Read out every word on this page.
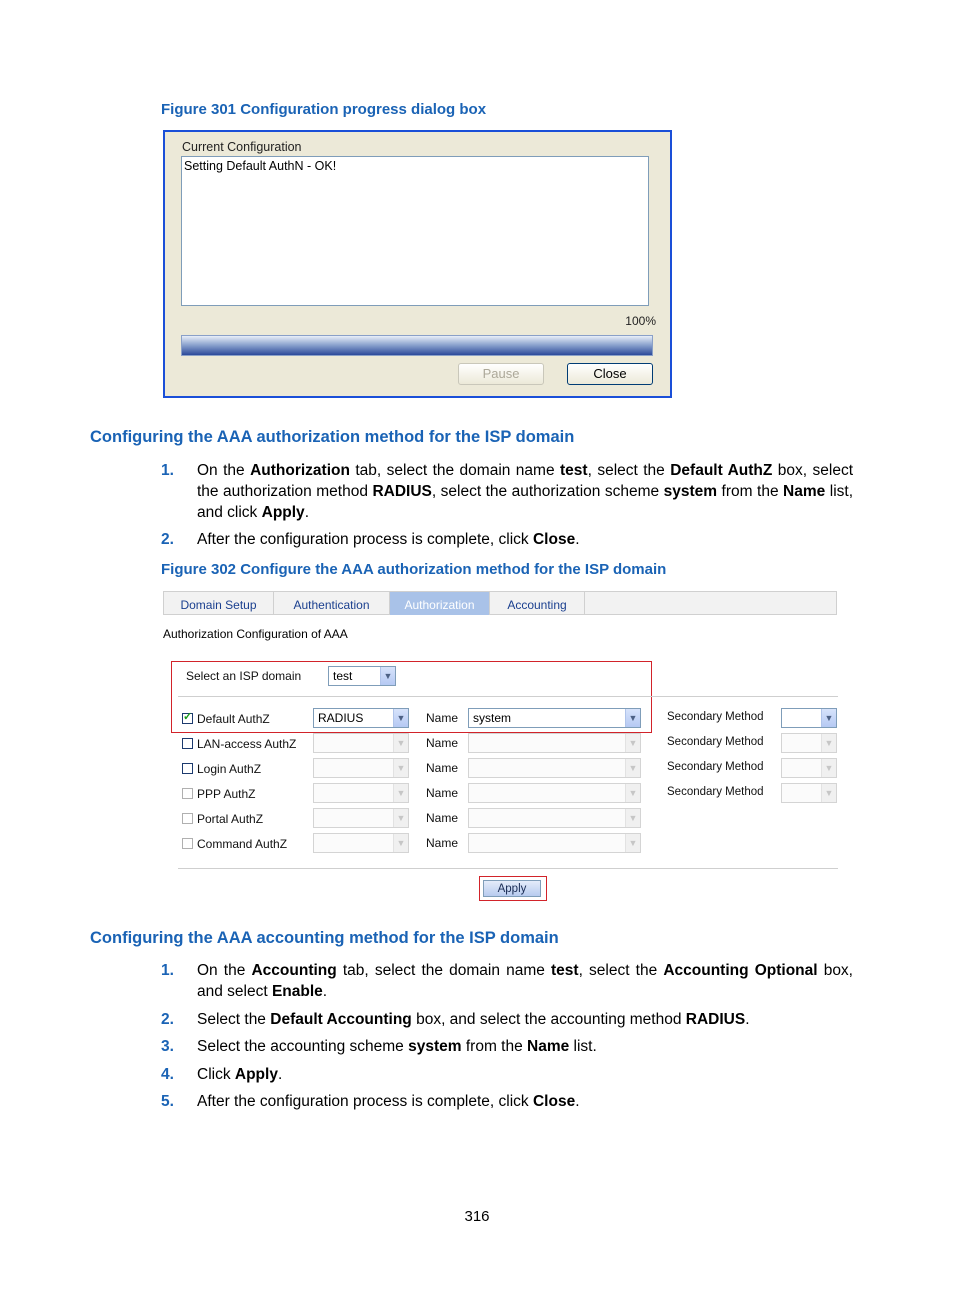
Figure 301 Configuration progress dialog box
Current Configuration
Setting Default AuthN - OK!
100%
Pause	Close
Configuring the AAA authorization method for the ISP domain
1. On the Authorization tab, select the domain name test, select the Default AuthZ box, select the authorization method RADIUS, select the authorization scheme system from the Name list, and click Apply.
2. After the configuration process is complete, click Close.
Figure 302 Configure the AAA authorization method for the ISP domain
Domain Setup	Authentication	Authorization	Accounting
Authorization Configuration of AAA
Select an ISP domain	test	▼
✓
Default AuthZ	RADIUS	▼ Name	system	▼	Secondary Method	▼
LAN-access AuthZ	▼ Name	▼	Secondary Method	▼
Login AuthZ	▼ Name	▼	Secondary Method	▼
PPP AuthZ	▼ Name	▼	Secondary Method	▼
Portal AuthZ	▼ Name	▼
Command AuthZ	▼ Name	▼
Apply
Configuring the AAA accounting method for the ISP domain
1. On the Accounting tab, select the domain name test, select the Accounting Optional box, and select Enable.
2. Select the Default Accounting box, and select the accounting method RADIUS.
3. Select the accounting scheme system from the Name list.
4. Click Apply.
5. After the configuration process is complete, click Close.
316
